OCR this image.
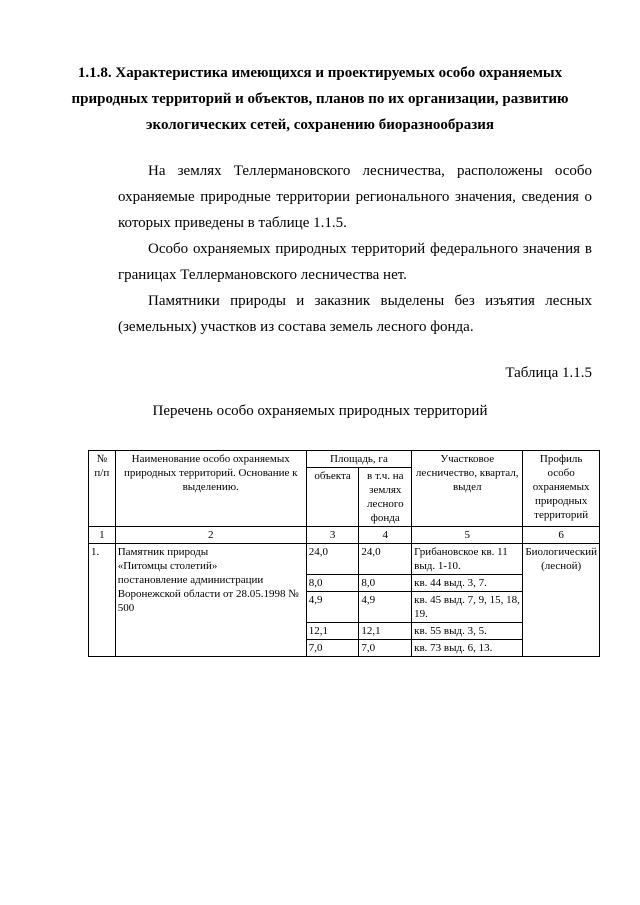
1.1.8. Характеристика имеющихся и проектируемых особо охраняемых природных территорий и объектов, планов по их организации, развитию экологических сетей, сохранению биоразнообразия

На землях Теллермановского лесничества, расположены особо охраняемые природные территории регионального значения, сведения о которых приведены в таблице 1.1.5.

Особо охраняемых природных территорий федерального значения в границах Теллермановского лесничества нет.

Памятники природы и заказник выделены без изъятия лесных (земельных) участков из состава земель лесного фонда.

Таблица 1.1.5
Перечень особо охраняемых природных территорий
№ п/п	Наименование особо охраняемых природных территорий. Основание к выделению.	Площадь, га		Участковое лесничество, квартал, выдел	Профиль особо охраняемых природных территорий
		объекта	в т.ч. на землях лесного фонда		
1	2	3	4	5	6
1.	Памятник природы
«Питомцы столетий»
постановление администрации Воронежской области от 28.05.1998 № 500	24,0	24,0	Грибановское кв. 11 выд. 1-10.	Биологический (лесной)
		8,0	8,0	кв. 44 выд. 3, 7.	
		4,9	4,9	кв. 45 выд. 7, 9, 15, 18, 19.	
		12,1	12,1	кв. 55 выд. 3, 5.	
		7,0	7,0	кв. 73 выд. 6, 13.	
